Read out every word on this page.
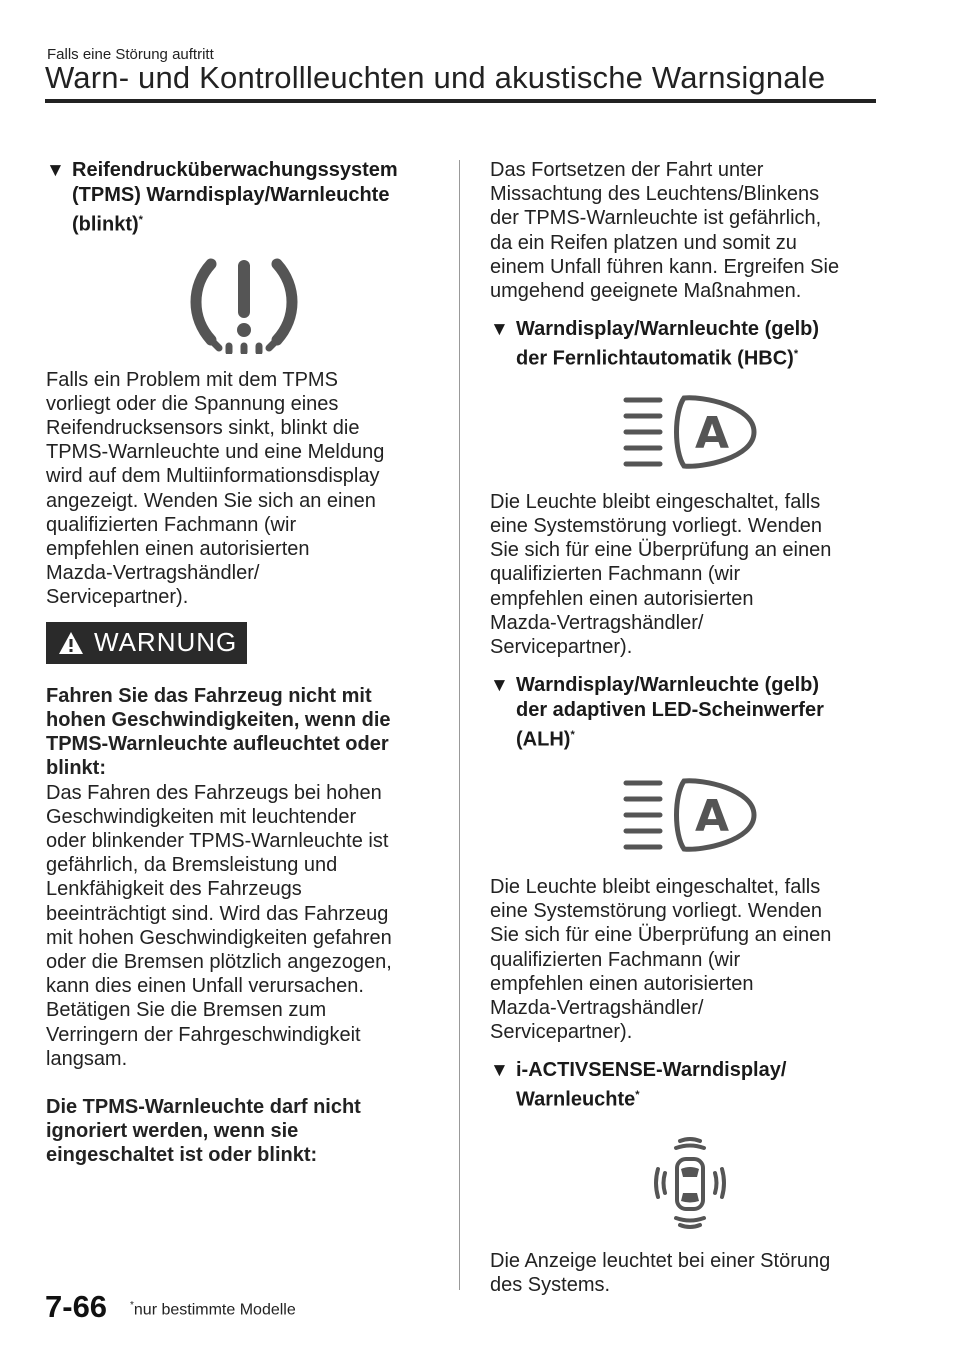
Falls eine Störung auftritt
Warn- und Kontrollleuchten und akustische Warnsignale
▼ Reifendrucküberwachungssystem
(TPMS) Warndisplay/Warnleuchte
(blinkt)*

Falls ein Problem mit dem TPMS

vorliegt oder die Spannung eines

Reifendrucksensors sinkt, blinkt die

TPMS-Warnleuchte und eine Meldung

wird auf dem Multiinformationsdisplay

angezeigt. Wenden Sie sich an einen

qualifizierten Fachmann (wir

empfehlen einen autorisierten

Mazda-Vertragshändler/

Servicepartner).

WARNUNG

Fahren Sie das Fahrzeug nicht mit

hohen Geschwindigkeiten, wenn die

TPMS-Warnleuchte aufleuchtet oder

blinkt:

Das Fahren des Fahrzeugs bei hohen

Geschwindigkeiten mit leuchtender

oder blinkender TPMS-Warnleuchte ist

gefährlich, da Bremsleistung und

Lenkfähigkeit des Fahrzeugs

beeinträchtigt sind. Wird das Fahrzeug

mit hohen Geschwindigkeiten gefahren

oder die Bremsen plötzlich angezogen,

kann dies einen Unfall verursachen.

Betätigen Sie die Bremsen zum

Verringern der Fahrgeschwindigkeit

langsam.

Die TPMS-Warnleuchte darf nicht

ignoriert werden, wenn sie

eingeschaltet ist oder blinkt:

Das Fortsetzen der Fahrt unter

Missachtung des Leuchtens/Blinkens

der TPMS-Warnleuchte ist gefährlich,

da ein Reifen platzen und somit zu

einem Unfall führen kann. Ergreifen Sie

umgehend geeignete Maßnahmen.

▼ Warndisplay/Warnleuchte (gelb)
der Fernlichtautomatik (HBC)*
A

Die Leuchte bleibt eingeschaltet, falls

eine Systemstörung vorliegt. Wenden

Sie sich für eine Überprüfung an einen

qualifizierten Fachmann (wir

empfehlen einen autorisierten

Mazda-Vertragshändler/

Servicepartner).

▼ Warndisplay/Warnleuchte (gelb)
der adaptiven LED-Scheinwerfer
(ALH)*
A

Die Leuchte bleibt eingeschaltet, falls

eine Systemstörung vorliegt. Wenden

Sie sich für eine Überprüfung an einen

qualifizierten Fachmann (wir

empfehlen einen autorisierten

Mazda-Vertragshändler/

Servicepartner).

▼ i-ACTIVSENSE-Warndisplay/
Warnleuchte*

Die Anzeige leuchtet bei einer Störung

des Systems.

7-66 *nur bestimmte Modelle
